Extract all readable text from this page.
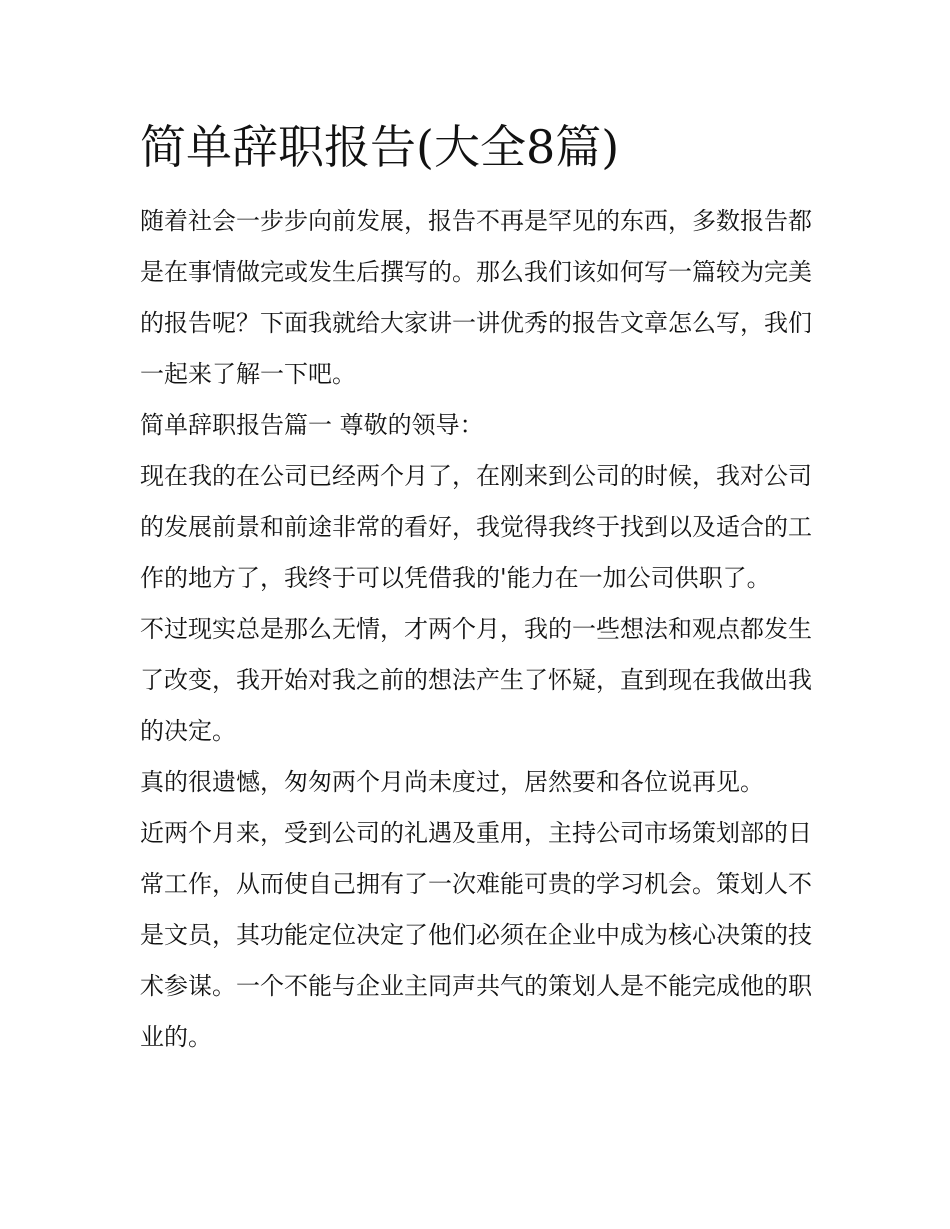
简单辞职报告(大全8篇)

随着社会一步步向前发展，报告不再是罕见的东西，多数报告都是在事情做完或发生后撰写的。那么我们该如何写一篇较为完美的报告呢？下面我就给大家讲一讲优秀的报告文章怎么写，我们一起来了解一下吧。

简单辞职报告篇一 尊敬的领导：

现在我的在公司已经两个月了，在刚来到公司的时候，我对公司的发展前景和前途非常的看好，我觉得我终于找到以及适合的工作的地方了，我终于可以凭借我的'能力在一加公司供职了。

不过现实总是那么无情，才两个月，我的一些想法和观点都发生了改变，我开始对我之前的想法产生了怀疑，直到现在我做出我的决定。

真的很遗憾，匆匆两个月尚未度过，居然要和各位说再见。

近两个月来，受到公司的礼遇及重用，主持公司市场策划部的日常工作，从而使自己拥有了一次难能可贵的学习机会。策划人不是文员，其功能定位决定了他们必须在企业中成为核心决策的技术参谋。一个不能与企业主同声共气的策划人是不能完成他的职业的。
